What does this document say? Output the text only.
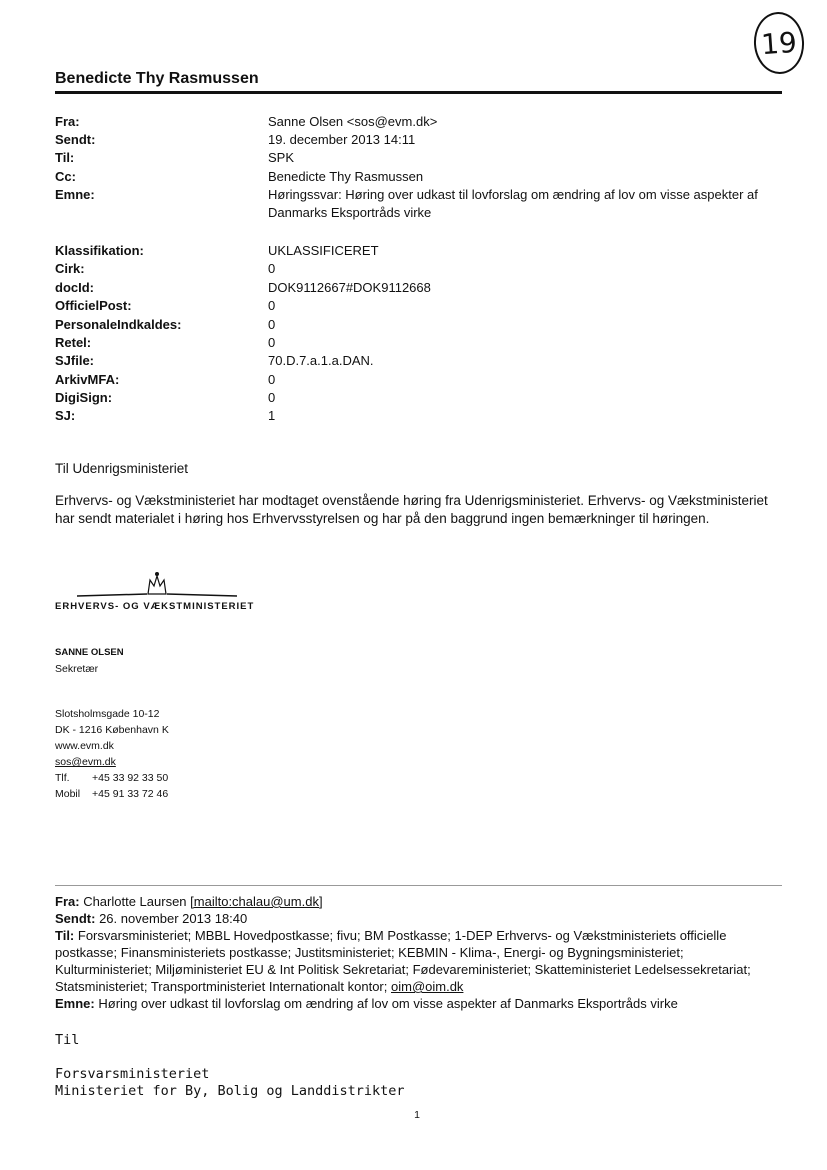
19
Benedicte Thy Rasmussen
Fra:	Sanne Olsen <sos@evm.dk>
Sendt:	19. december 2013 14:11
Til:	SPK
Cc:	Benedicte Thy Rasmussen
Emne:	Høringssvar: Høring over udkast til lovforslag om ændring af lov om visse aspekter af Danmarks Eksportråds virke
Klassifikation:	UKLASSIFICERET
Cirk:	0
docId:	DOK9112667#DOK9112668
OfficielPost:	0
PersonaleIndkaldes:	0
Retel:	0
SJfile:	70.D.7.a.1.a.DAN.
ArkivMFA:	0
DigiSign:	0
SJ:	1
Til Udenrigsministeriet
Erhvervs- og Vækstministeriet har modtaget ovenstående høring fra Udenrigsministeriet. Erhvervs- og Vækstministeriet har sendt materialet i høring hos Erhvervsstyrelsen og har på den baggrund ingen bemærkninger til høringen.
ERHVERVS- OG VÆKSTMINISTERIET
SANNE OLSEN
Sekretær
Slotsholmsgade 10-12
DK - 1216 København K
www.evm.dk
sos@evm.dk
Tlf. +45 33 92 33 50
Mobil +45 91 33 72 46
Fra: Charlotte Laursen [mailto:chalau@um.dk]
Sendt: 26. november 2013 18:40
Til: Forsvarsministeriet; MBBL Hovedpostkasse; fivu; BM Postkasse; 1-DEP Erhvervs- og Vækstministeriets officielle postkasse; Finansministeriets postkasse; Justitsministeriet; KEBMIN - Klima-, Energi- og Bygningsministeriet; Kulturministeriet; Miljøministeriet EU & Int Politisk Sekretariat; Fødevareministeriet; Skatteministeriet Ledelsessekretariat; Statsministeriet; Transportministeriet Internationalt kontor; oim@oim.dk
Emne: Høring over udkast til lovforslag om ændring af lov om visse aspekter af Danmarks Eksportråds virke
Til
Forsvarsministeriet
Ministeriet for By, Bolig og Landdistrikter
1
